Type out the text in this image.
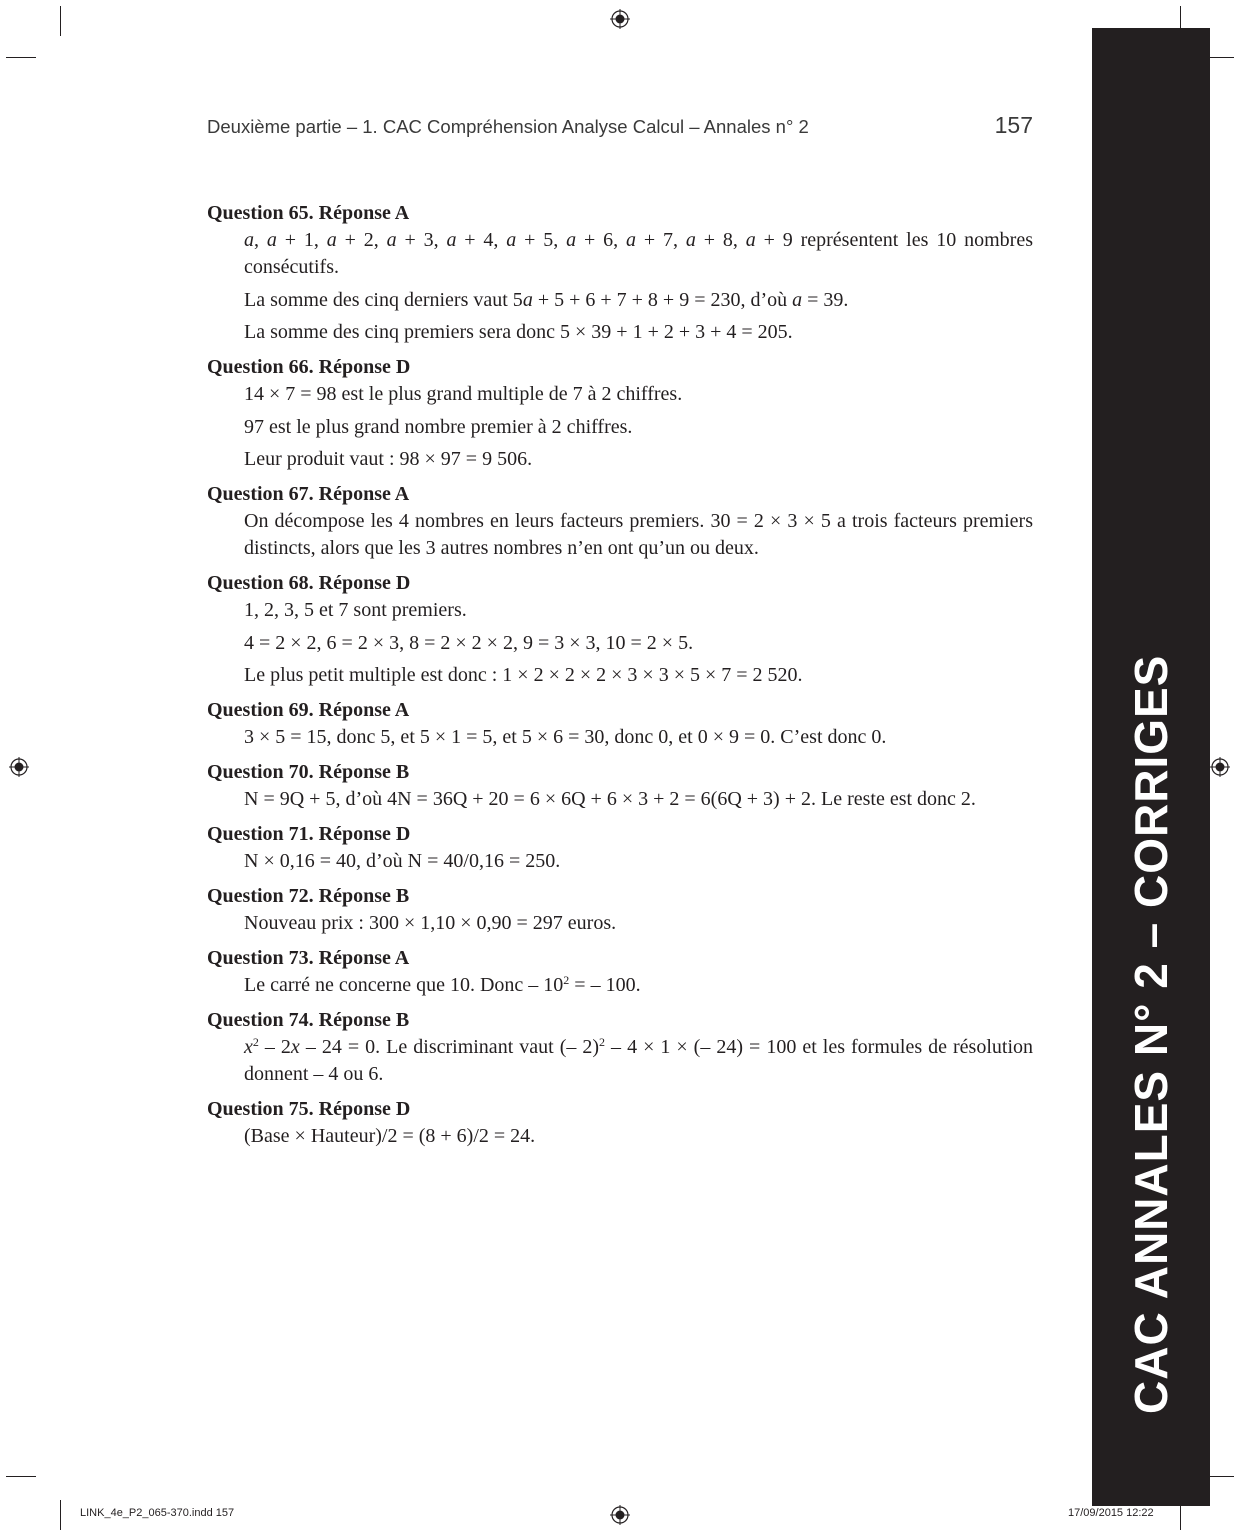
Deuxième partie – 1. CAC Compréhension Analyse Calcul – Annales n° 2	157
Question 65. Réponse A
a, a + 1, a + 2, a + 3, a + 4, a + 5, a + 6, a + 7, a + 8, a + 9 représentent les 10 nombres consécutifs.
La somme des cinq derniers vaut 5a + 5 + 6 + 7 + 8 + 9 = 230, d’où a = 39.
La somme des cinq premiers sera donc 5 × 39 + 1 + 2 + 3 + 4 = 205.
Question 66. Réponse D
14 × 7 = 98 est le plus grand multiple de 7 à 2 chiffres.
97 est le plus grand nombre premier à 2 chiffres.
Leur produit vaut : 98 × 97 = 9 506.
Question 67. Réponse A
On décompose les 4 nombres en leurs facteurs premiers. 30 = 2 × 3 × 5 a trois facteurs premiers distincts, alors que les 3 autres nombres n’en ont qu’un ou deux.
Question 68. Réponse D
1, 2, 3, 5 et 7 sont premiers.
4 = 2 × 2, 6 = 2 × 3, 8 = 2 × 2 × 2, 9 = 3 × 3, 10 = 2 × 5.
Le plus petit multiple est donc : 1 × 2 × 2 × 2 × 3 × 3 × 5 × 7 = 2 520.
Question 69. Réponse A
3 × 5 = 15, donc 5, et 5 × 1 = 5, et 5 × 6 = 30, donc 0, et 0 × 9 = 0. C’est donc 0.
Question 70. Réponse B
N = 9Q + 5, d’où 4N = 36Q + 20 = 6 × 6Q + 6 × 3 + 2 = 6(6Q + 3) + 2. Le reste est donc 2.
Question 71. Réponse D
N × 0,16 = 40, d’où N = 40/0,16 = 250.
Question 72. Réponse B
Nouveau prix : 300 × 1,10 × 0,90 = 297 euros.
Question 73. Réponse A
Le carré ne concerne que 10. Donc – $10^2$ = – 100.
Question 74. Réponse B
$x^2 - 2x - 24 = 0$. Le discriminant vaut (– 2)$^2$ – 4 × 1 × (– 24) = 100 et les formules de résolution donnent – 4 ou 6.
Question 75. Réponse D
(Base × Hauteur)/2 = (8 + 6)/2 = 24.	CAC ANNALES N° 2 – CORRIGES
LINK_4e_P2_065-370.indd 157	17/09/2015 12:22
